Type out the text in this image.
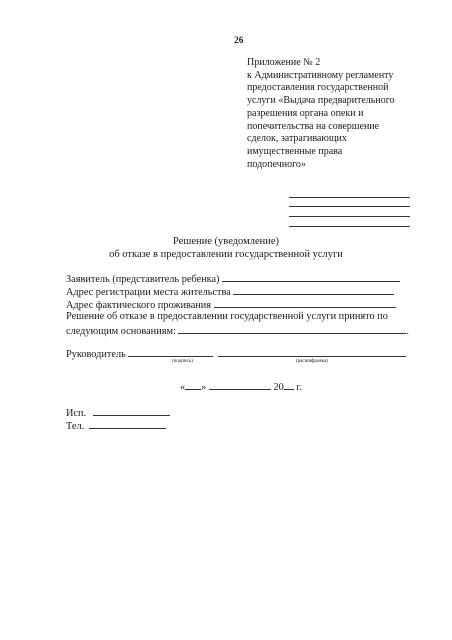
26
Приложение № 2
к Административному регламенту
предоставления государственной
услуги «Выдача предварительного
разрешения органа опеки и
попечительства на совершение
сделок, затрагивающих
имущественные права
подопечного»
Решение (уведомление)
об отказе в предоставлении государственной услуги
Заявитель (представитель ребенка)
Адрес регистрации места жительства
Адрес фактического проживания
Решение об отказе в предоставлении государственной услуги принято по
следующим основаниям:	.
Руководитель
(подпись)	(расшифровка)
« »	20 г.
Исп.
Тел.
